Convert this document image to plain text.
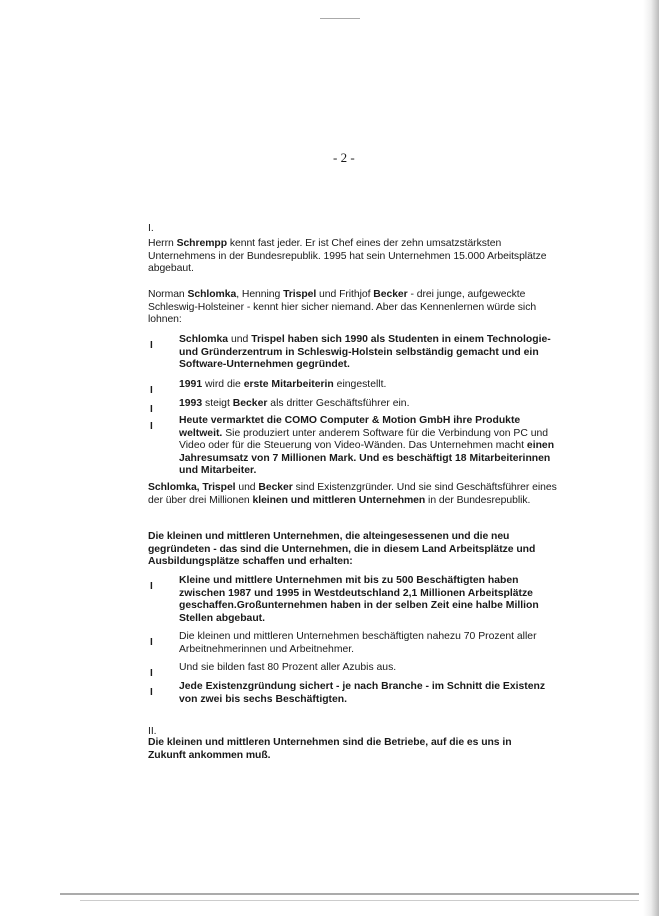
- 2 -
I.
Herrn Schrempp kennt fast jeder. Er ist Chef eines der zehn umsatzstärksten Unternehmens in der Bundesrepublik. 1995 hat sein Unternehmen 15.000 Arbeitsplätze abgebaut.
Norman Schlomka, Henning Trispel und Frithjof Becker - drei junge, aufgeweckte Schleswig-Holsteiner - kennt hier sicher niemand. Aber das Kennenlernen würde sich lohnen:
I
Schlomka und Trispel haben sich 1990 als Studenten in einem Technologie- und Gründerzentrum in Schleswig-Holstein selbständig gemacht und ein Software-Unternehmen gegründet.
I
1991 wird die erste Mitarbeiterin eingestellt.
I
1993 steigt Becker als dritter Geschäftsführer ein.
I
Heute vermarktet die COMO Computer & Motion GmbH ihre Produkte weltweit. Sie produziert unter anderem Software für die Verbindung von PC und Video oder für die Steuerung von Video-Wänden. Das Unternehmen macht einen Jahresumsatz von 7 Millionen Mark. Und es beschäftigt 18 Mitarbeiterinnen und Mitarbeiter.
Schlomka, Trispel und Becker sind Existenzgründer. Und sie sind Geschäftsführer eines der über drei Millionen kleinen und mittleren Unternehmen in der Bundesrepublik.
Die kleinen und mittleren Unternehmen, die alteingesessenen und die neu gegründeten - das sind die Unternehmen, die in diesem Land Arbeitsplätze und Ausbildungsplätze schaffen und erhalten:
I
Kleine und mittlere Unternehmen mit bis zu 500 Beschäftigten haben zwischen 1987 und 1995 in Westdeutschland 2,1 Millionen Arbeitsplätze geschaffen.Großunternehmen haben in der selben Zeit eine halbe Million Stellen abgebaut.
I
Die kleinen und mittleren Unternehmen beschäftigten nahezu 70 Prozent aller Arbeitnehmerinnen und Arbeitnehmer.
I
Und sie bilden fast 80 Prozent aller Azubis aus.
I
Jede Existenzgründung sichert - je nach Branche - im Schnitt die Existenz von zwei bis sechs Beschäftigten.
II.
Die kleinen und mittleren Unternehmen sind die Betriebe, auf die es uns in Zukunft ankommen muß.
